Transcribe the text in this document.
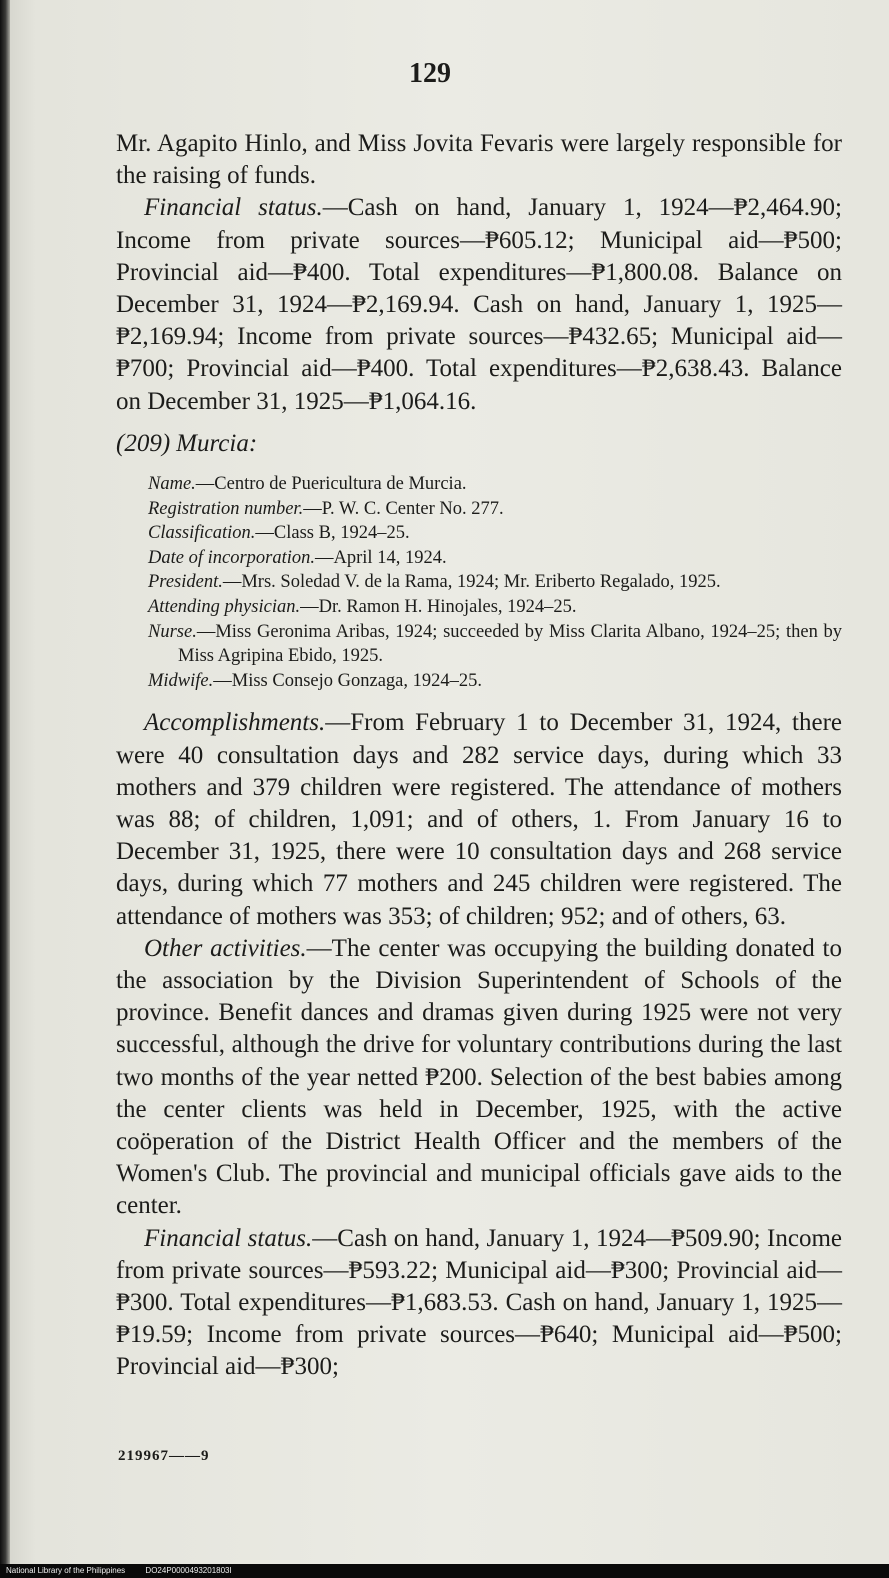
129

Mr. Agapito Hinlo, and Miss Jovita Fevaris were largely responsible for the raising of funds.

Financial status.—Cash on hand, January 1, 1924—₱2,464.90; Income from private sources—₱605.12; Municipal aid—₱500; Provincial aid—₱400. Total expenditures—₱1,800.08. Balance on December 31, 1924—₱2,169.94. Cash on hand, January 1, 1925—₱2,169.94; Income from private sources—₱432.65; Municipal aid—₱700; Provincial aid—₱400. Total expenditures—₱2,638.43. Balance on December 31, 1925—₱1,064.16.

(209) Murcia:

Name.—Centro de Puericultura de Murcia.

Registration number.—P. W. C. Center No. 277.

Classification.—Class B, 1924–25.

Date of incorporation.—April 14, 1924.

President.—Mrs. Soledad V. de la Rama, 1924; Mr. Eriberto Regalado, 1925.

Attending physician.—Dr. Ramon H. Hinojales, 1924–25.

Nurse.—Miss Geronima Aribas, 1924; succeeded by Miss Clarita Albano, 1924–25; then by Miss Agripina Ebido, 1925.

Midwife.—Miss Consejo Gonzaga, 1924–25.

Accomplishments.—From February 1 to December 31, 1924, there were 40 consultation days and 282 service days, during which 33 mothers and 379 children were registered. The attendance of mothers was 88; of children, 1,091; and of others, 1. From January 16 to December 31, 1925, there were 10 consultation days and 268 service days, during which 77 mothers and 245 children were registered. The attendance of mothers was 353; of children; 952; and of others, 63.

Other activities.—The center was occupying the building donated to the association by the Division Superintendent of Schools of the province. Benefit dances and dramas given during 1925 were not very successful, although the drive for voluntary contributions during the last two months of the year netted ₱200. Selection of the best babies among the center clients was held in December, 1925, with the active coöperation of the District Health Officer and the members of the Women's Club. The provincial and municipal officials gave aids to the center.

Financial status.—Cash on hand, January 1, 1924—₱509.90; Income from private sources—₱593.22; Municipal aid—₱300; Provincial aid—₱300. Total expenditures—₱1,683.53. Cash on hand, January 1, 1925—₱19.59; Income from private sources—₱640; Municipal aid—₱500; Provincial aid—₱300;

219967——9
National Library of the Philippines	DO24P0000493201803I
